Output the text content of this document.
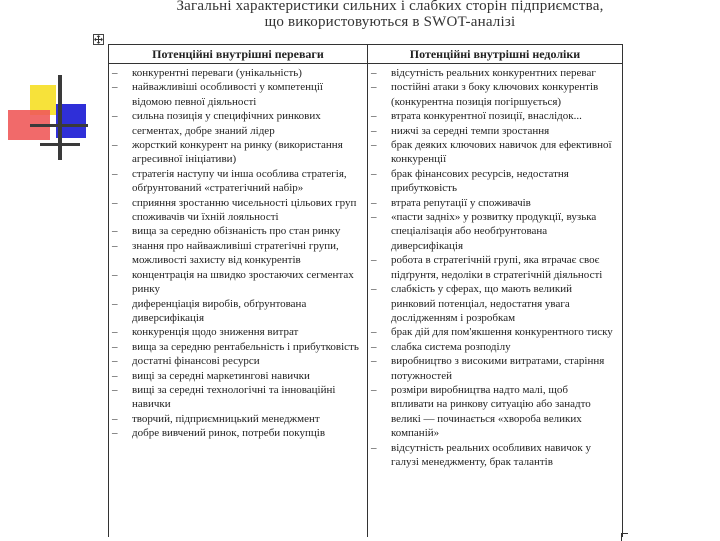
Загальні характеристики сильних і слабких сторін підприємства,
що використовуються в SWOT-аналізі
Потенційні внутрішні переваги	Потенційні внутрішні недоліки
– конкурентні переваги (унікальність)
– найважливіші особливості у компетенції відомою певної діяльності
– сильна позиція у специфічних ринкових сегментах, добре знаний лідер
– жорсткий конкурент на ринку (використання агресивної ініціативи)
– стратегія наступу чи інша особлива стратегія, обґрунтований «стратегічний набір»
– сприяння зростанню чисельності цільових груп споживачів чи їхній лояльності
– вища за середню обізнаність про стан ринку
– знання про найважливіші стратегічні групи, можливості захисту від конкурентів
– концентрація на швидко зростаючих сегментах ринку
– диференціація виробів, обґрунтована диверсифікація
– конкуренція щодо зниження витрат
– вища за середню рентабельність і прибутковість
– достатні фінансові ресурси
– вищі за середні маркетингові навички
– вищі за середні технологічні та інноваційні навички
– творчий, підприємницький менеджмент
– добре вивчений ринок, потреби покупців
– відсутність реальних конкурентних переваг
– постійні атаки з боку ключових конкурентів (конкурентна позиція погіршується)
– втрата конкурентної позиції, внаслідок...
– нижчі за середні темпи зростання
– брак деяких ключових навичок для ефективної конкуренції
– брак фінансових ресурсів, недостатня прибутковість
– втрата репутації у споживачів
– «пасти задніх» у розвитку продукції, вузька спеціалізація або необґрунтована диверсифікація
– робота в стратегічній групі, яка втрачає своє підґрунтя, недоліки в стратегічній діяльності
– слабкість у сферах, що мають великий ринковий потенціал, недостатня увага дослідженням і розробкам
– брак дій для пом'якшення конкурентного тиску
– слабка система розподілу
– виробництво з високими витратами, старіння потужностей
– розміри виробництва надто малі, щоб впливати на ринкову ситуацію або занадто великі — починається «хвороба великих компаній»
– відсутність реальних особливих навичок у галузі менеджменту, брак талантів
